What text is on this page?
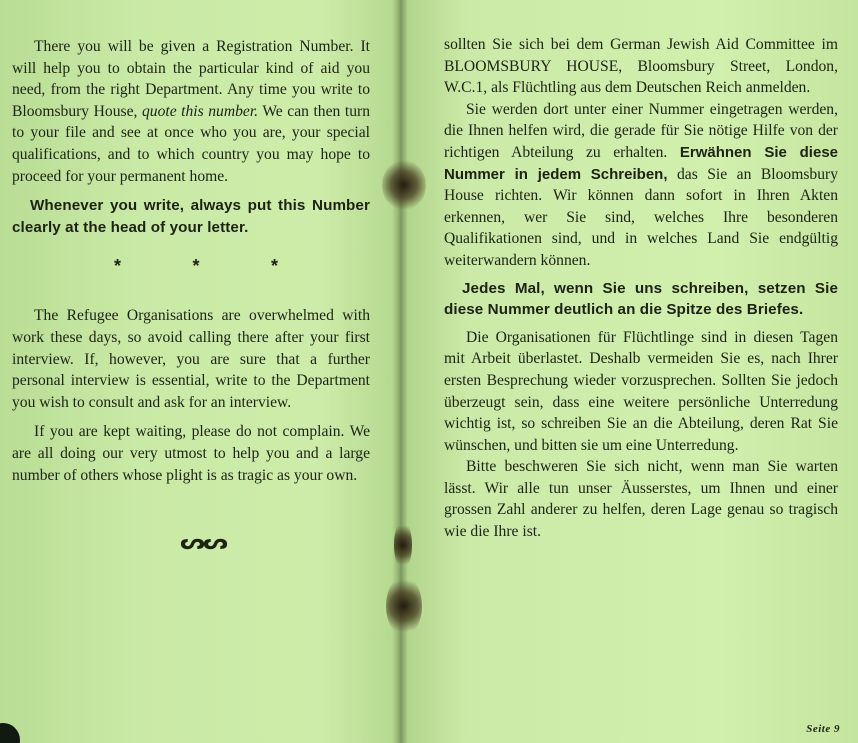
There you will be given a Registration Number. It will help you to obtain the particular kind of aid you need, from the right Department. Any time you write to Bloomsbury House, quote this number. We can then turn to your file and see at once who you are, your special qualifications, and to which country you may hope to proceed for your permanent home.

Whenever you write, always put this Number clearly at the head of your letter.

*	*	*

The Refugee Organisations are overwhelmed with work these days, so avoid calling there after your first interview. If, however, you are sure that a further personal interview is essential, write to the Department you wish to consult and ask for an interview.

If you are kept waiting, please do not complain. We are all doing our very utmost to help you and a large number of others whose plight is as tragic as your own.

ᔕᔕ

sollten Sie sich bei dem German Jewish Aid Committee im BLOOMSBURY HOUSE, Bloomsbury Street, London, W.C.1, als Flüchtling aus dem Deutschen Reich anmelden.

Sie werden dort unter einer Nummer eingetragen werden, die Ihnen helfen wird, die gerade für Sie nötige Hilfe von der richtigen Abteilung zu erhalten. Erwähnen Sie diese Nummer in jedem Schreiben, das Sie an Bloomsbury House richten. Wir können dann sofort in Ihren Akten erkennen, wer Sie sind, welches Ihre besonderen Qualifikationen sind, und in welches Land Sie endgültig weiterwandern können.

Jedes Mal, wenn Sie uns schreiben, setzen Sie diese Nummer deutlich an die Spitze des Briefes.

Die Organisationen für Flüchtlinge sind in diesen Tagen mit Arbeit überlastet. Deshalb vermeiden Sie es, nach Ihrer ersten Besprechung wieder vorzusprechen. Sollten Sie jedoch überzeugt sein, dass eine weitere persönliche Unterredung wichtig ist, so schreiben Sie an die Abteilung, deren Rat Sie wünschen, und bitten sie um eine Unterredung.

Bitte beschweren Sie sich nicht, wenn man Sie warten lässt. Wir alle tun unser Äusserstes, um Ihnen und einer grossen Zahl anderer zu helfen, deren Lage genau so tragisch wie die Ihre ist.

Seite 9
